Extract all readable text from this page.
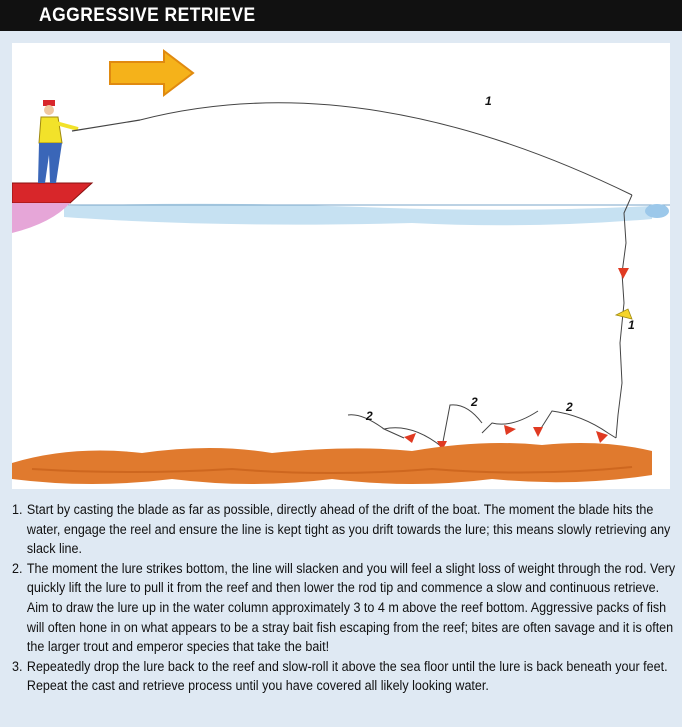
AGGRESSIVE RETRIEVE
1
1
2
2	2
1. Start by casting the blade as far as possible, directly ahead of the drift of the boat. The moment the blade hits the water, engage the reel and ensure the line is kept tight as you drift towards the lure; this means slowly retrieving any slack line.
2. The moment the lure strikes bottom, the line will slacken and you will feel a slight loss of weight through the rod. Very quickly lift the lure to pull it from the reef and then lower the rod tip and commence a slow and continuous retrieve. Aim to draw the lure up in the water column approximately 3 to 4 m above the reef bottom. Aggressive packs of fish will often hone in on what appears to be a stray bait fish escaping from the reef; bites are often savage and it is often the larger trout and emperor species that take the bait!
3. Repeatedly drop the lure back to the reef and slow-roll it above the sea floor until the lure is back beneath your feet. Repeat the cast and retrieve process until you have covered all likely looking water.
